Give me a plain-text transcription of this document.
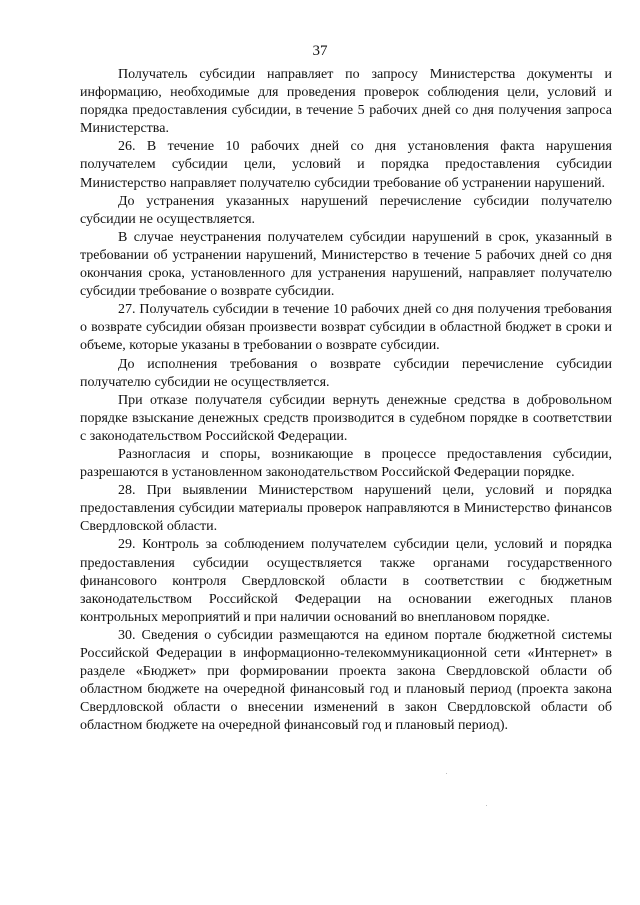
37

Получатель субсидии направляет по запросу Министерства документы и информацию, необходимые для проведения проверок соблюдения цели, условий и порядка предоставления субсидии, в течение 5 рабочих дней со дня получения запроса Министерства.

26. В течение 10 рабочих дней со дня установления факта нарушения получателем субсидии цели, условий и порядка предоставления субсидии Министерство направляет получателю субсидии требование об устранении нарушений.

До устранения указанных нарушений перечисление субсидии получателю субсидии не осуществляется.

В случае неустранения получателем субсидии нарушений в срок, указанный в требовании об устранении нарушений, Министерство в течение 5 рабочих дней со дня окончания срока, установленного для устранения нарушений, направляет получателю субсидии требование о возврате субсидии.

27. Получатель субсидии в течение 10 рабочих дней со дня получения требования о возврате субсидии обязан произвести возврат субсидии в областной бюджет в сроки и объеме, которые указаны в требовании о возврате субсидии.

До исполнения требования о возврате субсидии перечисление субсидии получателю субсидии не осуществляется.

При отказе получателя субсидии вернуть денежные средства в добровольном порядке взыскание денежных средств производится в судебном порядке в соответствии с законодательством Российской Федерации.

Разногласия и споры, возникающие в процессе предоставления субсидии, разрешаются в установленном законодательством Российской Федерации порядке.

28. При выявлении Министерством нарушений цели, условий и порядка предоставления субсидии материалы проверок направляются в Министерство финансов Свердловской области.

29. Контроль за соблюдением получателем субсидии цели, условий и порядка предоставления субсидии осуществляется также органами государственного финансового контроля Свердловской области в соответствии с бюджетным законодательством Российской Федерации на основании ежегодных планов контрольных мероприятий и при наличии оснований во внеплановом порядке.

30. Сведения о субсидии размещаются на едином портале бюджетной системы Российской Федерации в информационно-телекоммуникационной сети «Интернет» в разделе «Бюджет» при формировании проекта закона Свердловской области об областном бюджете на очередной финансовый год и плановый период (проекта закона Свердловской области о внесении изменений в закон Свердловской области об областном бюджете на очередной финансовый год и плановый период).
